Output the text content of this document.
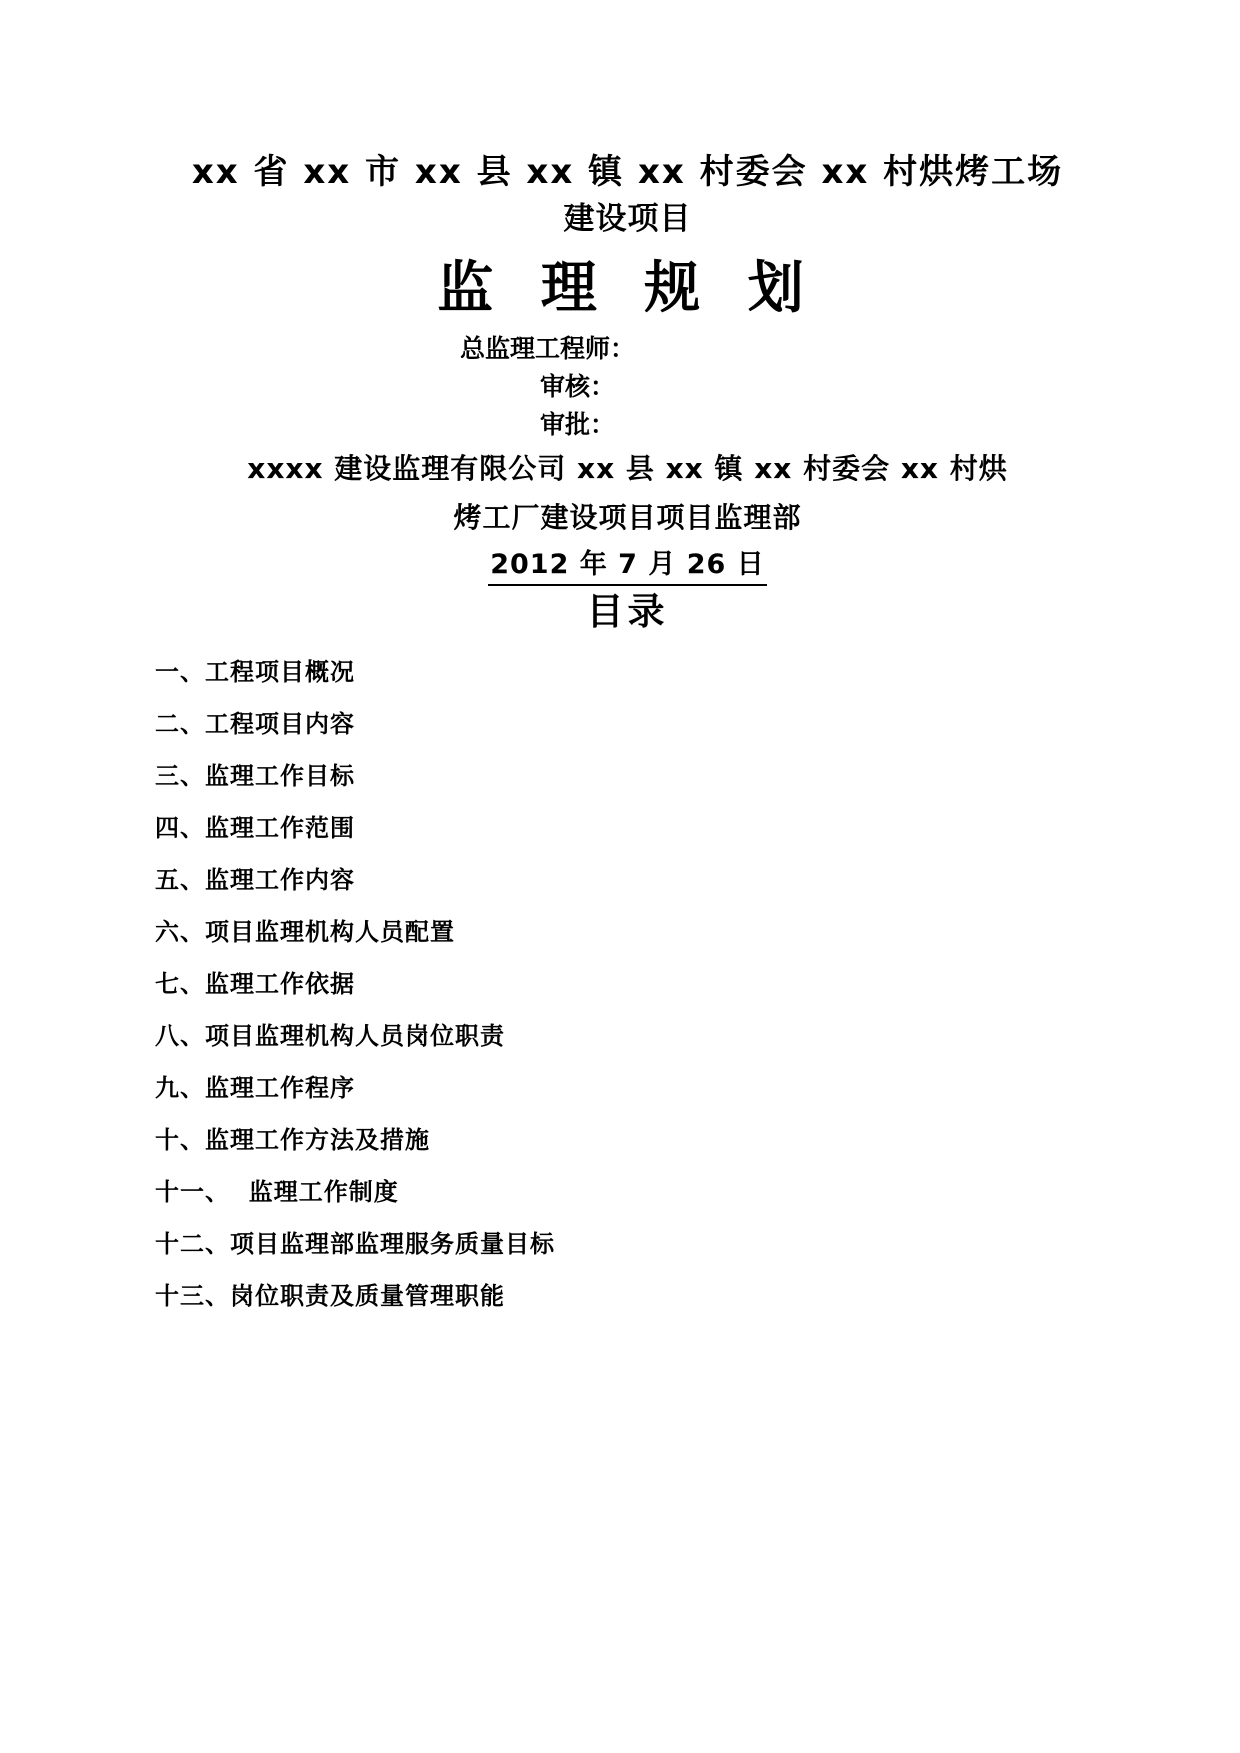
xx 省 xx 市 xx 县 xx 镇 xx 村委会 xx 村烘烤工场
建设项目
监 理 规 划
总监理工程师：
审核：
审批：
xxxx 建设监理有限公司 xx 县 xx 镇 xx 村委会 xx 村烘
烤工厂建设项目项目监理部
2012 年 7 月 26 日
目录
一、工程项目概况
二、工程项目内容
三、监理工作目标
四、监理工作范围
五、监理工作内容
六、项目监理机构人员配置
七、监理工作依据
八、项目监理机构人员岗位职责
九、监理工作程序
十、监理工作方法及措施
十一、  监理工作制度
十二、项目监理部监理服务质量目标
十三、岗位职责及质量管理职能
